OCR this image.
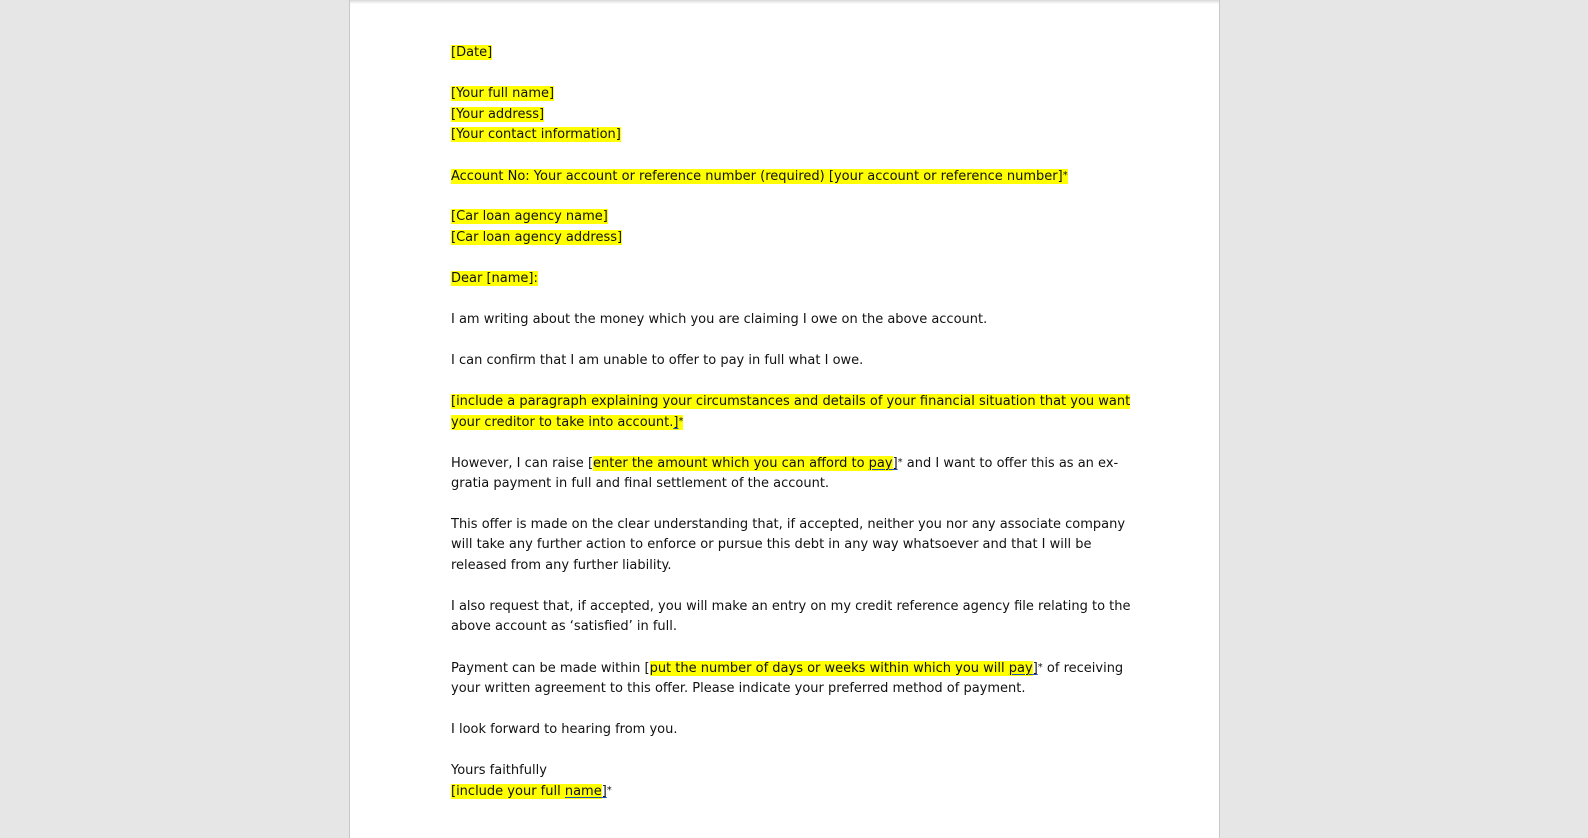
[Date]
[Your full name]
[Your address]
[Your contact information]
Account No: Your account or reference number (required) [your account or reference number]*
[Car loan agency name]
[Car loan agency address]
Dear [name]:
I am writing about the money which you are claiming I owe on the above account.
I can confirm that I am unable to offer to pay in full what I owe.
[include a paragraph explaining your circumstances and details of your financial situation that you want
your creditor to take into account.]*
However, I can raise [enter the amount which you can afford to pay]* and I want to offer this as an ex-
gratia payment in full and final settlement of the account.
This offer is made on the clear understanding that, if accepted, neither you nor any associate company
will take any further action to enforce or pursue this debt in any way whatsoever and that I will be
released from any further liability.
I also request that, if accepted, you will make an entry on my credit reference agency file relating to the
above account as ‘satisfied’ in full.
Payment can be made within [put the number of days or weeks within which you will pay]* of receiving
your written agreement to this offer. Please indicate your preferred method of payment.
I look forward to hearing from you.
Yours faithfully
[include your full name]*
